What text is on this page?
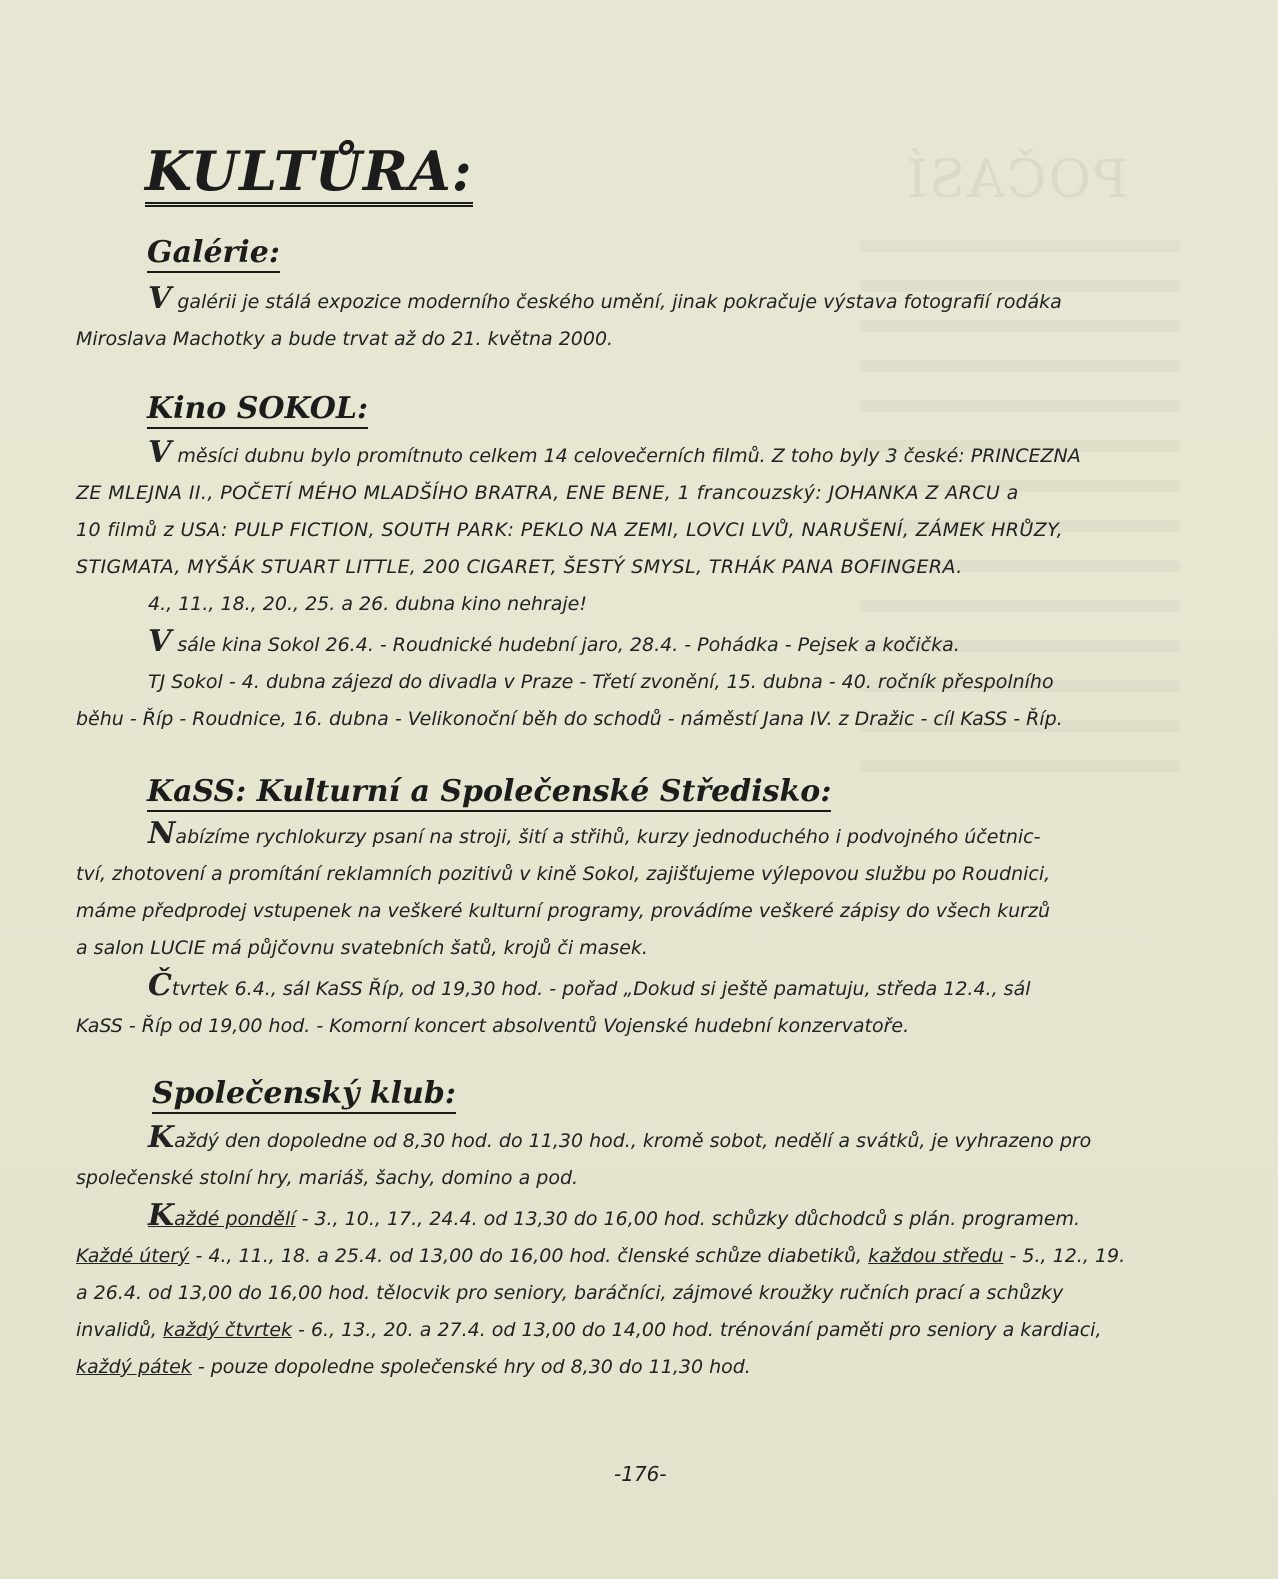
POČASÍ
KULTŮRA:
Galérie:

V galérii je stálá expozice moderního českého umění, jinak pokračuje výstava fotografií rodáka
Miroslava Machotky a bude trvat až do 21. května 2000.

Kino SOKOL:

V měsíci dubnu bylo promítnuto celkem 14 celovečerních filmů. Z toho byly 3 české: PRINCEZNA
ZE MLEJNA II., POČETÍ MÉHO MLADŠÍHO BRATRA, ENE BENE, 1 francouzský: JOHANKA Z ARCU a
10 filmů z USA: PULP FICTION, SOUTH PARK: PEKLO NA ZEMI, LOVCI LVŮ, NARUŠENÍ, ZÁMEK HRŮZY,
STIGMATA, MYŠÁK STUART LITTLE, 200 CIGARET, ŠESTÝ SMYSL, TRHÁK PANA BOFINGERA.
4., 11., 18., 20., 25. a 26. dubna kino nehraje!
V sále kina Sokol 26.4. - Roudnické hudební jaro, 28.4. - Pohádka - Pejsek a kočička.
TJ Sokol - 4. dubna zájezd do divadla v Praze - Třetí zvonění, 15. dubna - 40. ročník přespolního
běhu - Říp - Roudnice, 16. dubna - Velikonoční běh do schodů - náměstí Jana IV. z Dražic - cíl KaSS - Říp.

KaSS: Kulturní a Společenské Středisko:

Nabízíme rychlokurzy psaní na stroji, šití a střihů, kurzy jednoduchého i podvojného účetnic-
tví, zhotovení a promítání reklamních pozitivů v kině Sokol, zajišťujeme výlepovou službu po Roudnici,
máme předprodej vstupenek na veškeré kulturní programy, provádíme veškeré zápisy do všech kurzů
a salon LUCIE má půjčovnu svatebních šatů, krojů či masek.
Čtvrtek 6.4., sál KaSS Říp, od 19,30 hod. - pořad „Dokud si ještě pamatuju, středa 12.4., sál
KaSS - Říp od 19,00 hod. - Komorní koncert absolventů Vojenské hudební konzervatoře.

Společenský klub:

Každý den dopoledne od 8,30 hod. do 11,30 hod., kromě sobot, nedělí a svátků, je vyhrazeno pro
společenské stolní hry, mariáš, šachy, domino a pod.
Každé pondělí - 3., 10., 17., 24.4. od 13,30 do 16,00 hod. schůzky důchodců s plán. programem.
Každé úterý - 4., 11., 18. a 25.4. od 13,00 do 16,00 hod. členské schůze diabetiků, každou středu - 5., 12., 19.
a 26.4. od 13,00 do 16,00 hod. tělocvik pro seniory, baráčníci, zájmové kroužky ručních prací a schůzky
invalidů, každý čtvrtek - 6., 13., 20. a 27.4. od 13,00 do 14,00 hod. trénování paměti pro seniory a kardiaci,
každý pátek - pouze dopoledne společenské hry od 8,30 do 11,30 hod.

-176-
